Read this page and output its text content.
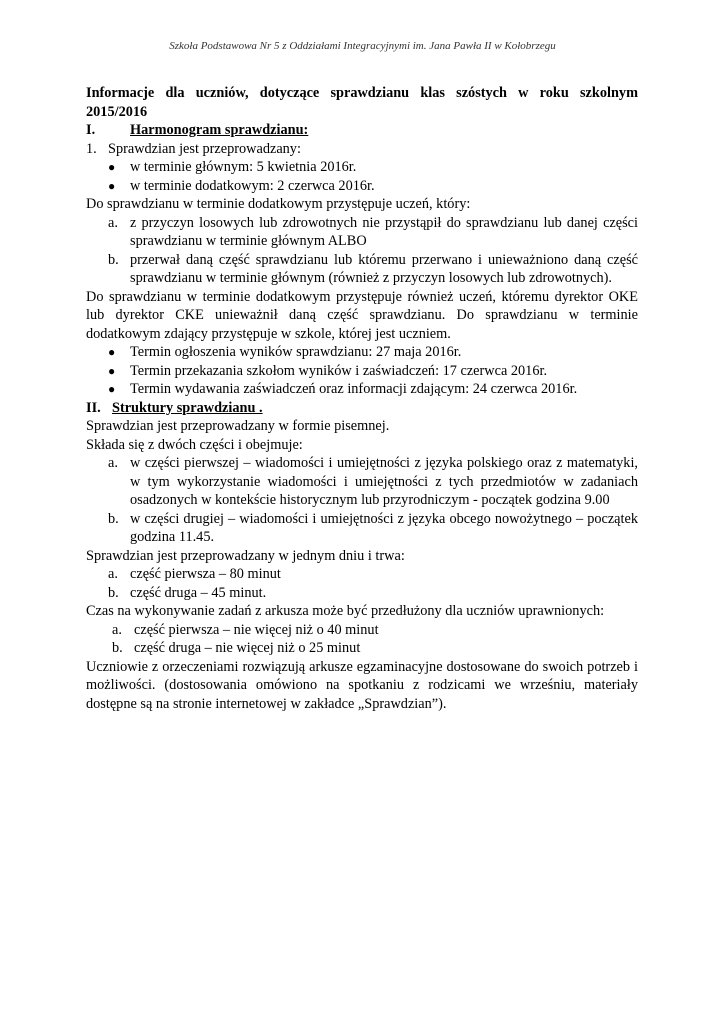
Szkoła Podstawowa Nr 5 z Oddziałami Integracyjnymi im. Jana Pawła II w Kołobrzegu
Informacje dla uczniów, dotyczące sprawdzianu klas szóstych w roku szkolnym
2015/2016
I.	Harmonogram sprawdzianu:
1. Sprawdzian jest przeprowadzany:
●	w terminie głównym: 5 kwietnia 2016r.
●	w terminie dodatkowym: 2 czerwca 2016r.
Do sprawdzianu w terminie dodatkowym przystępuje uczeń, który:
a. z przyczyn losowych lub zdrowotnych nie przystąpił do sprawdzianu lub danej części sprawdzianu w terminie głównym ALBO
b. przerwał daną część sprawdzianu lub któremu przerwano i unieważniono daną część sprawdzianu w terminie głównym (również z przyczyn losowych lub zdrowotnych).
Do sprawdzianu w terminie dodatkowym przystępuje również uczeń, któremu dyrektor OKE lub dyrektor CKE unieważnił daną część sprawdzianu. Do sprawdzianu w terminie dodatkowym zdający przystępuje w szkole, której jest uczniem.
●	Termin ogłoszenia wyników sprawdzianu: 27 maja 2016r.
●	Termin przekazania szkołom wyników i zaświadczeń: 17 czerwca 2016r.
●	Termin wydawania zaświadczeń oraz informacji zdającym: 24 czerwca 2016r.
II. Struktury sprawdzianu .
Sprawdzian jest przeprowadzany w formie pisemnej.
Składa się z dwóch części i obejmuje:
a. w części pierwszej – wiadomości i umiejętności z języka polskiego oraz z matematyki, w tym wykorzystanie wiadomości i umiejętności z tych przedmiotów w zadaniach osadzonych w kontekście historycznym lub przyrodniczym - początek godzina 9.00
b. w części drugiej – wiadomości i umiejętności z języka obcego nowożytnego – początek godzina 11.45.
Sprawdzian jest przeprowadzany w jednym dniu i trwa:
a. część pierwsza – 80 minut
b. część druga – 45 minut.
Czas na wykonywanie zadań z arkusza może być przedłużony dla uczniów uprawnionych:
a. część pierwsza – nie więcej niż o 40 minut
b. część druga – nie więcej niż o 25 minut
Uczniowie z orzeczeniami rozwiązują arkusze egzaminacyjne dostosowane do swoich potrzeb i możliwości. (dostosowania omówiono na spotkaniu z rodzicami we wrześniu, materiały dostępne są na stronie internetowej w zakładce „Sprawdzian”).
